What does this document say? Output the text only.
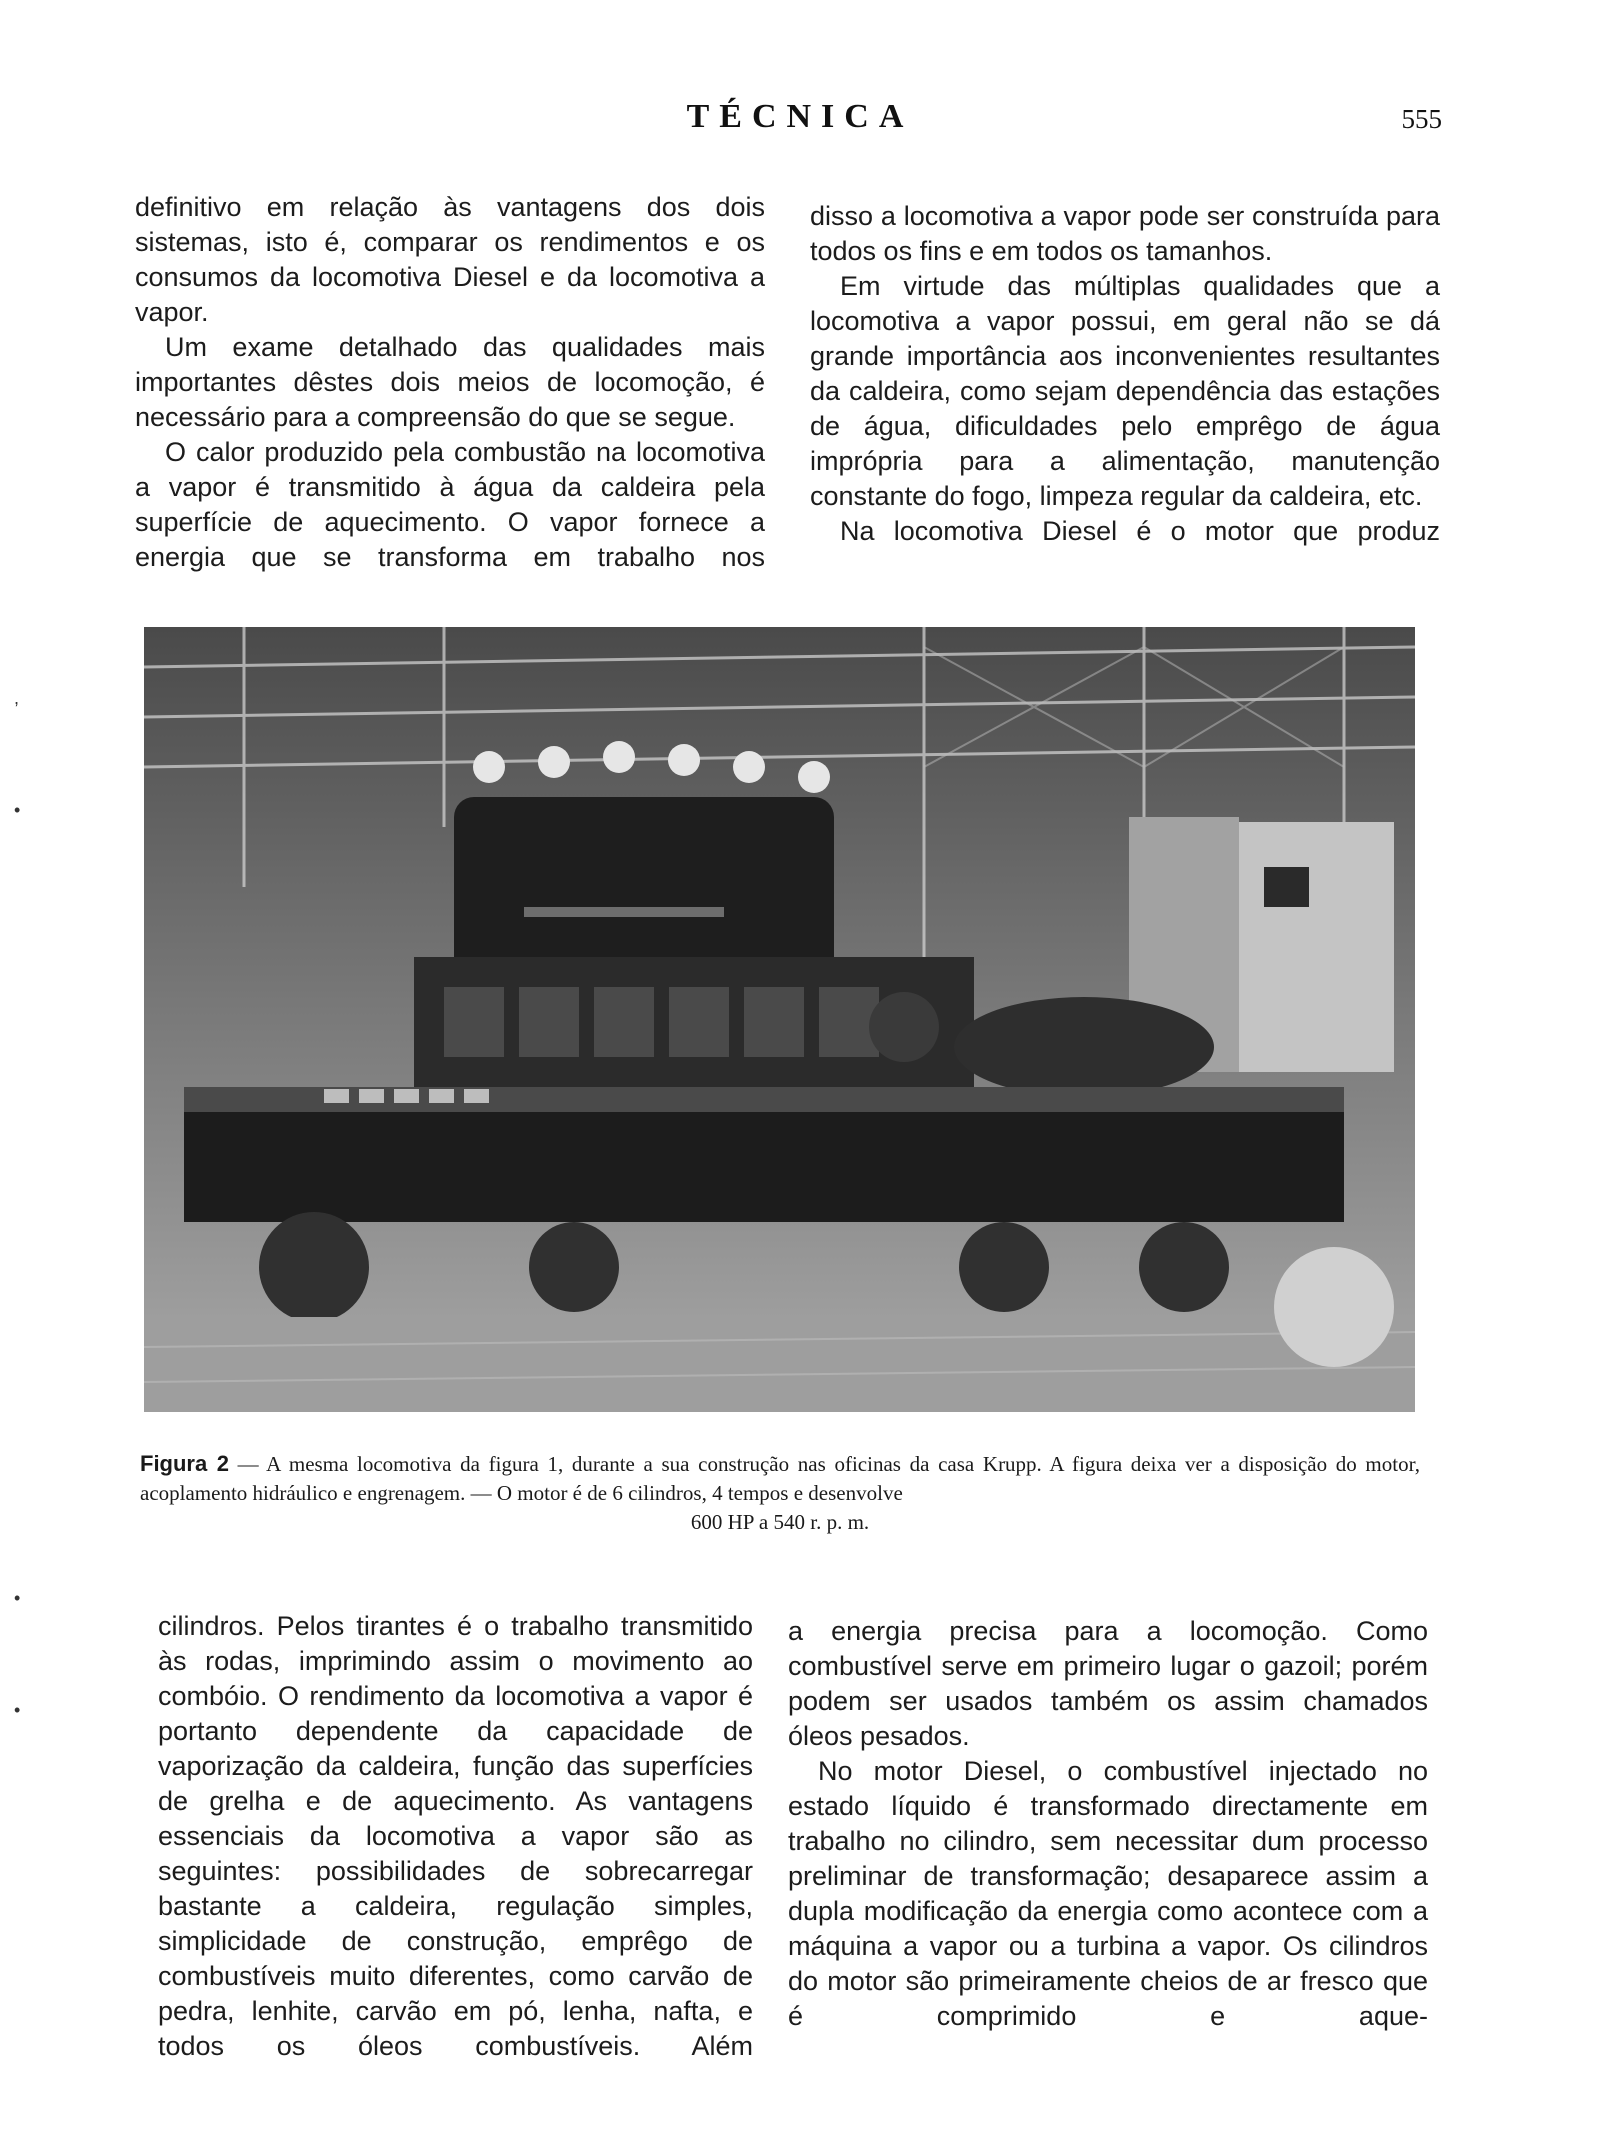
TÉCNICA	555

definitivo em relação às vantagens dos dois sistemas, isto é, comparar os rendimentos e os consumos da locomotiva Diesel e da locomotiva a vapor.

Um exame detalhado das qualidades mais importantes dêstes dois meios de locomoção, é necessário para a compreensão do que se segue.

O calor produzido pela combustão na locomotiva a vapor é transmitido à água da caldeira pela superfície de aquecimento. O vapor fornece a energia que se transforma em trabalho nos

disso a locomotiva a vapor pode ser construída para todos os fins e em todos os tamanhos.

Em virtude das múltiplas qualidades que a locomotiva a vapor possui, em geral não se dá grande importância aos inconvenientes resultantes da caldeira, como sejam dependência das estações de água, dificuldades pelo emprêgo de água imprópria para a alimentação, manutenção constante do fogo, limpeza regular da caldeira, etc.

Na locomotiva Diesel é o motor que produz

Figura 2 — A mesma locomotiva da figura 1, durante a sua construção nas oficinas da casa Krupp. A figura deixa ver a disposição do motor, acoplamento hidráulico e engrenagem. — O motor é de 6 cilindros, 4 tempos e desenvolve
600 HP a 540 r. p. m.

cilindros. Pelos tirantes é o trabalho transmitido às rodas, imprimindo assim o movimento ao combóio. O rendimento da locomotiva a vapor é portanto dependente da capacidade de vaporização da caldeira, função das superfícies de grelha e de aquecimento. As vantagens essenciais da locomotiva a vapor são as seguintes: possibilidades de sobrecarregar bastante a caldeira, regulação simples, simplicidade de construção, emprêgo de combustíveis muito diferentes, como carvão de pedra, lenhite, carvão em pó, lenha, nafta, e todos os óleos combustíveis. Além

a energia precisa para a locomoção. Como combustível serve em primeiro lugar o gazoil; porém podem ser usados também os assim chamados óleos pesados.

No motor Diesel, o combustível injectado no estado líquido é transformado directamente em trabalho no cilindro, sem necessitar dum processo preliminar de transformação; desaparece assim a dupla modificação da energia como acontece com a máquina a vapor ou a turbina a vapor. Os cilindros do motor são primeiramente cheios de ar fresco que é comprimido e aque-

,
•
•
•
